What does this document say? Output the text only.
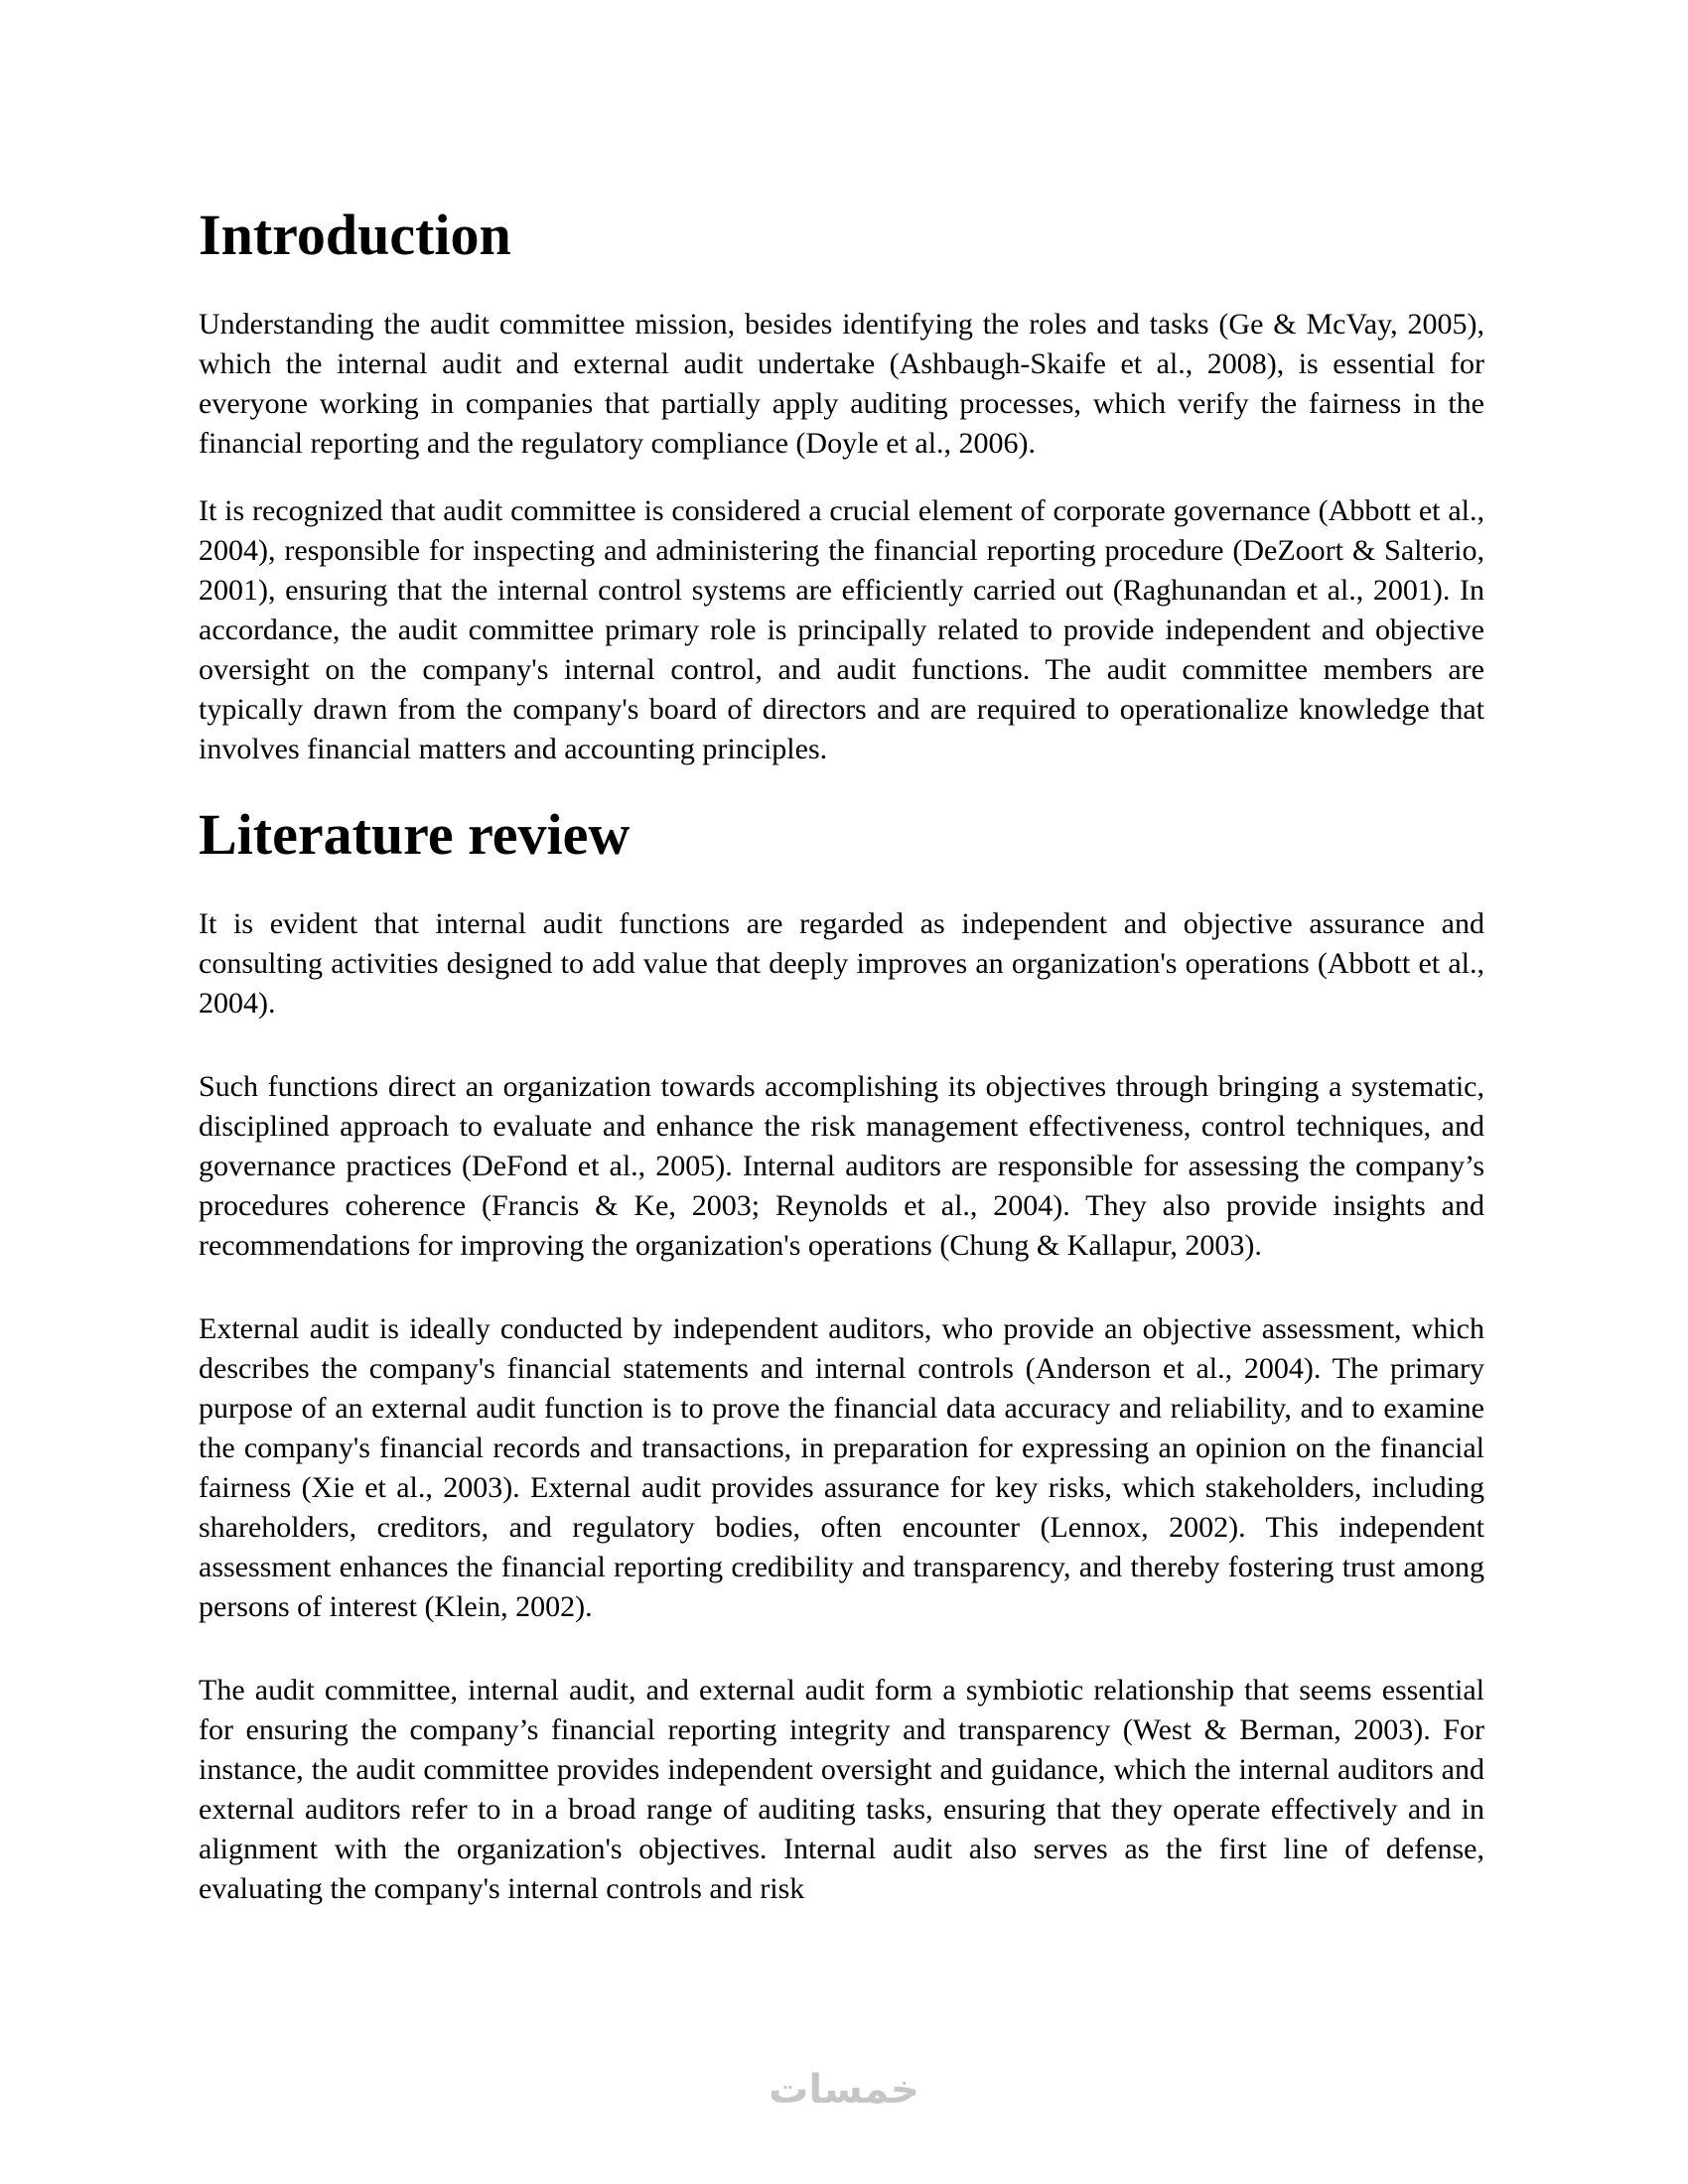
Introduction

Understanding the audit committee mission, besides identifying the roles and tasks (Ge & McVay, 2005), which the internal audit and external audit undertake (Ashbaugh-Skaife et al., 2008), is essential for everyone working in companies that partially apply auditing processes, which verify the fairness in the financial reporting and the regulatory compliance (Doyle et al., 2006).

It is recognized that audit committee is considered a crucial element of corporate governance (Abbott et al., 2004), responsible for inspecting and administering the financial reporting procedure (DeZoort & Salterio, 2001), ensuring that the internal control systems are efficiently carried out (Raghunandan et al., 2001). In accordance, the audit committee primary role is principally related to provide independent and objective oversight on the company's internal control, and audit functions. The audit committee members are typically drawn from the company's board of directors and are required to operationalize knowledge that involves financial matters and accounting principles.

Literature review

It is evident that internal audit functions are regarded as independent and objective assurance and consulting activities designed to add value that deeply improves an organization's operations (Abbott et al., 2004).

Such functions direct an organization towards accomplishing its objectives through bringing a systematic, disciplined approach to evaluate and enhance the risk management effectiveness, control techniques, and governance practices (DeFond et al., 2005). Internal auditors are responsible for assessing the company’s procedures coherence (Francis & Ke, 2003; Reynolds et al., 2004). They also provide insights and recommendations for improving the organization's operations (Chung & Kallapur, 2003).

External audit is ideally conducted by independent auditors, who provide an objective assessment, which describes the company's financial statements and internal controls (Anderson et al., 2004). The primary purpose of an external audit function is to prove the financial data accuracy and reliability, and to examine the company's financial records and transactions, in preparation for expressing an opinion on the financial fairness (Xie et al., 2003). External audit provides assurance for key risks, which stakeholders, including shareholders, creditors, and regulatory bodies, often encounter (Lennox, 2002). This independent assessment enhances the financial reporting credibility and transparency, and thereby fostering trust among persons of interest (Klein, 2002).

The audit committee, internal audit, and external audit form a symbiotic relationship that seems essential for ensuring the company’s financial reporting integrity and transparency (West & Berman, 2003). For instance, the audit committee provides independent oversight and guidance, which the internal auditors and external auditors refer to in a broad range of auditing tasks, ensuring that they operate effectively and in alignment with the organization's objectives. Internal audit also serves as the first line of defense, evaluating the company's internal controls and risk

خمسات
